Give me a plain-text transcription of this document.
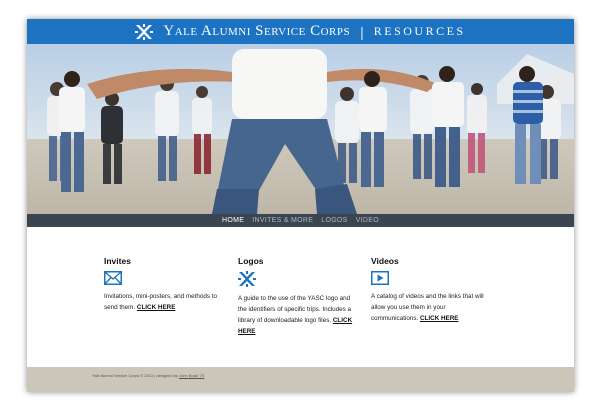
Yale Alumni Service Corps | RESOURCES
HOME INVITES & MORE LOGOS VIDEO
Invites

Invitations, mini-posters, and methods to send them. CLICK HERE

Logos

A guide to the use of the YASC logo and the identifiers of specific trips. Includes a library of downloadable logo files. CLICK HERE

Videos

A catalog of videos and the links that will allow you use them in your communications. CLICK HERE

Yale Alumni Service Corps © 2013 | designed by John Boak '70
